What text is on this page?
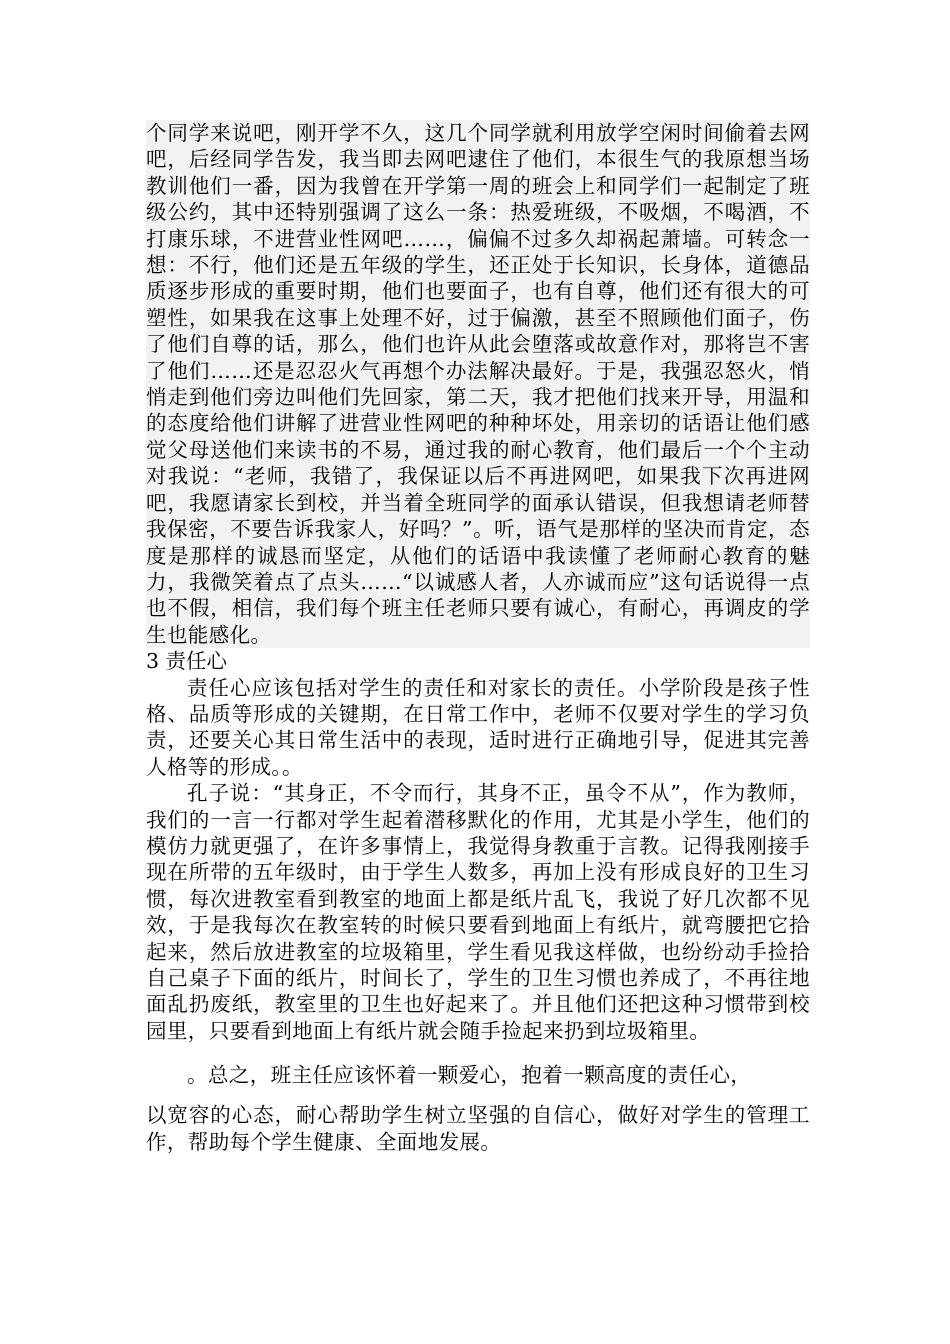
个同学来说吧，刚开学不久，这几个同学就利用放学空闲时间偷着去网吧，后经同学告发，我当即去网吧逮住了他们，本很生气的我原想当场教训他们一番，因为我曾在开学第一周的班会上和同学们一起制定了班级公约，其中还特别强调了这么一条：热爱班级，不吸烟，不喝酒，不打康乐球，不进营业性网吧……，偏偏不过多久却祸起萧墙。可转念一想：不行，他们还是五年级的学生，还正处于长知识，长身体，道德品质逐步形成的重要时期，他们也要面子，也有自尊，他们还有很大的可塑性，如果我在这事上处理不好，过于偏激，甚至不照顾他们面子，伤了他们自尊的话，那么，他们也许从此会堕落或故意作对，那将岂不害了他们……还是忍忍火气再想个办法解决最好。于是，我强忍怒火，悄悄走到他们旁边叫他们先回家，第二天，我才把他们找来开导，用温和的态度给他们讲解了进营业性网吧的种种坏处，用亲切的话语让他们感觉父母送他们来读书的不易，通过我的耐心教育，他们最后一个个主动对我说：“老师，我错了，我保证以后不再进网吧，如果我下次再进网吧，我愿请家长到校，并当着全班同学的面承认错误，但我想请老师替我保密，不要告诉我家人，好吗？”。听，语气是那样的坚决而肯定，态度是那样的诚恳而坚定，从他们的话语中我读懂了老师耐心教育的魅力，我微笑着点了点头……“以诚感人者，人亦诚而应”这句话说得一点也不假，相信，我们每个班主任老师只要有诚心，有耐心，再调皮的学生也能感化。

3 责任心

责任心应该包括对学生的责任和对家长的责任。小学阶段是孩子性格、品质等形成的关键期，在日常工作中，老师不仅要对学生的学习负责，还要关心其日常生活中的表现，适时进行正确地引导，促进其完善人格等的形成。。

孔子说：“其身正，不令而行，其身不正，虽令不从”，作为教师，我们的一言一行都对学生起着潜移默化的作用，尤其是小学生，他们的模仿力就更强了，在许多事情上，我觉得身教重于言教。记得我刚接手现在所带的五年级时，由于学生人数多，再加上没有形成良好的卫生习惯，每次进教室看到教室的地面上都是纸片乱飞，我说了好几次都不见效，于是我每次在教室转的时候只要看到地面上有纸片，就弯腰把它拾起来，然后放进教室的垃圾箱里，学生看见我这样做，也纷纷动手捡拾自己桌子下面的纸片，时间长了，学生的卫生习惯也养成了，不再往地面乱扔废纸，教室里的卫生也好起来了。并且他们还把这种习惯带到校园里，只要看到地面上有纸片就会随手捡起来扔到垃圾箱里。

。总之，班主任应该怀着一颗爱心，抱着一颗高度的责任心，

以宽容的心态，耐心帮助学生树立坚强的自信心，做好对学生的管理工作，帮助每个学生健康、全面地发展。
